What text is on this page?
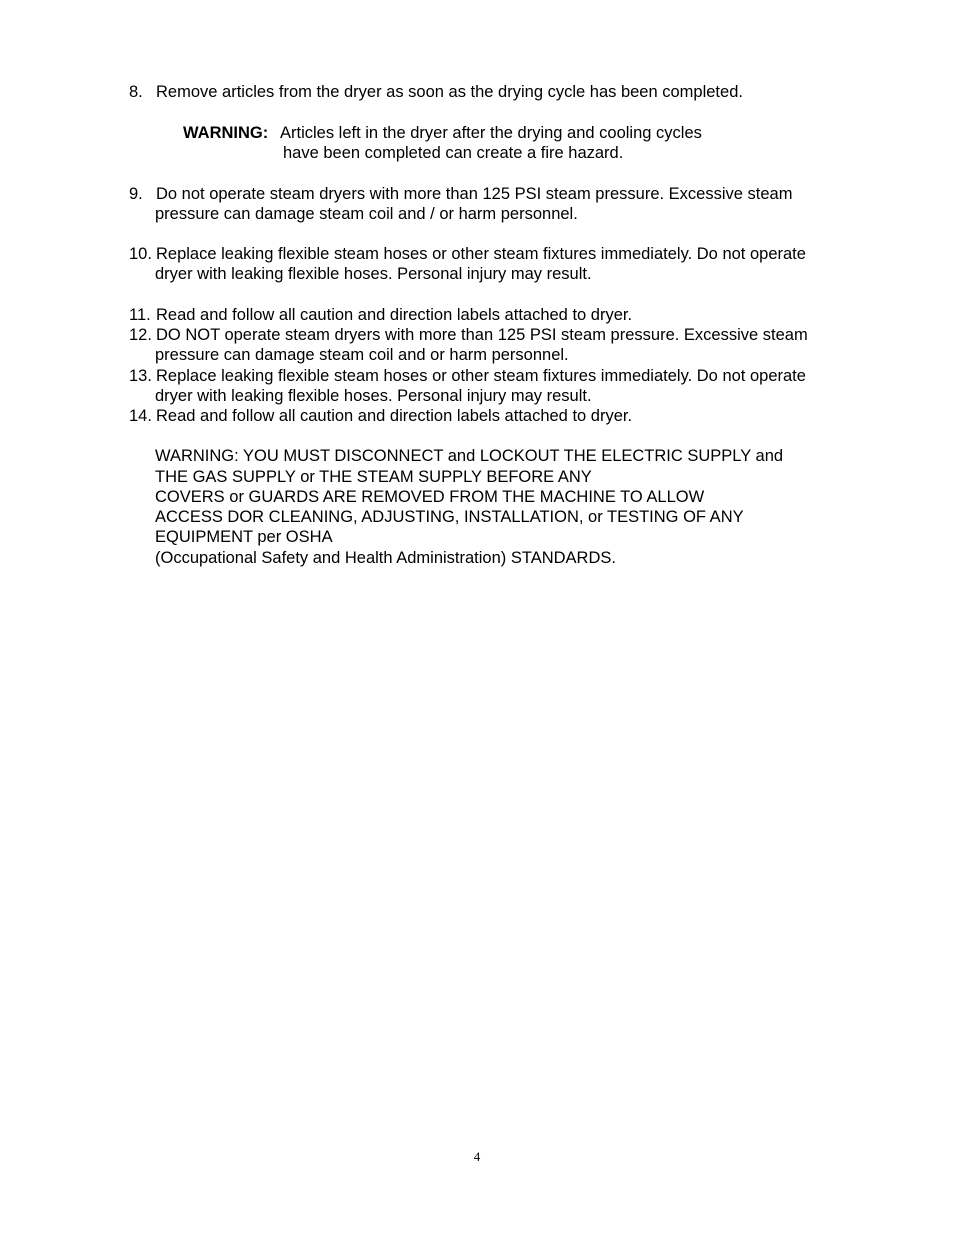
8. Remove articles from the dryer as soon as the drying cycle has been completed.
WARNING: Articles left in the dryer after the drying and cooling cycles
have been completed can create a fire hazard.
9. Do not operate steam dryers with more than 125 PSI steam pressure. Excessive steam
pressure can damage steam coil and / or harm personnel.
10. Replace leaking flexible steam hoses or other steam fixtures immediately. Do not operate
dryer with leaking flexible hoses. Personal injury may result.
11. Read and follow all caution and direction labels attached to dryer.
12. DO NOT operate steam dryers with more than 125 PSI steam pressure. Excessive steam
pressure can damage steam coil and or harm personnel.
13. Replace leaking flexible steam hoses or other steam fixtures immediately. Do not operate
dryer with leaking flexible hoses. Personal injury may result.
14. Read and follow all caution and direction labels attached to dryer.
WARNING: YOU MUST DISCONNECT and LOCKOUT THE ELECTRIC SUPPLY and
THE GAS SUPPLY or THE STEAM SUPPLY BEFORE ANY
COVERS or GUARDS ARE REMOVED FROM THE MACHINE TO ALLOW
ACCESS DOR CLEANING, ADJUSTING, INSTALLATION, or TESTING OF ANY
EQUIPMENT per OSHA
(Occupational Safety and Health Administration) STANDARDS.
4
